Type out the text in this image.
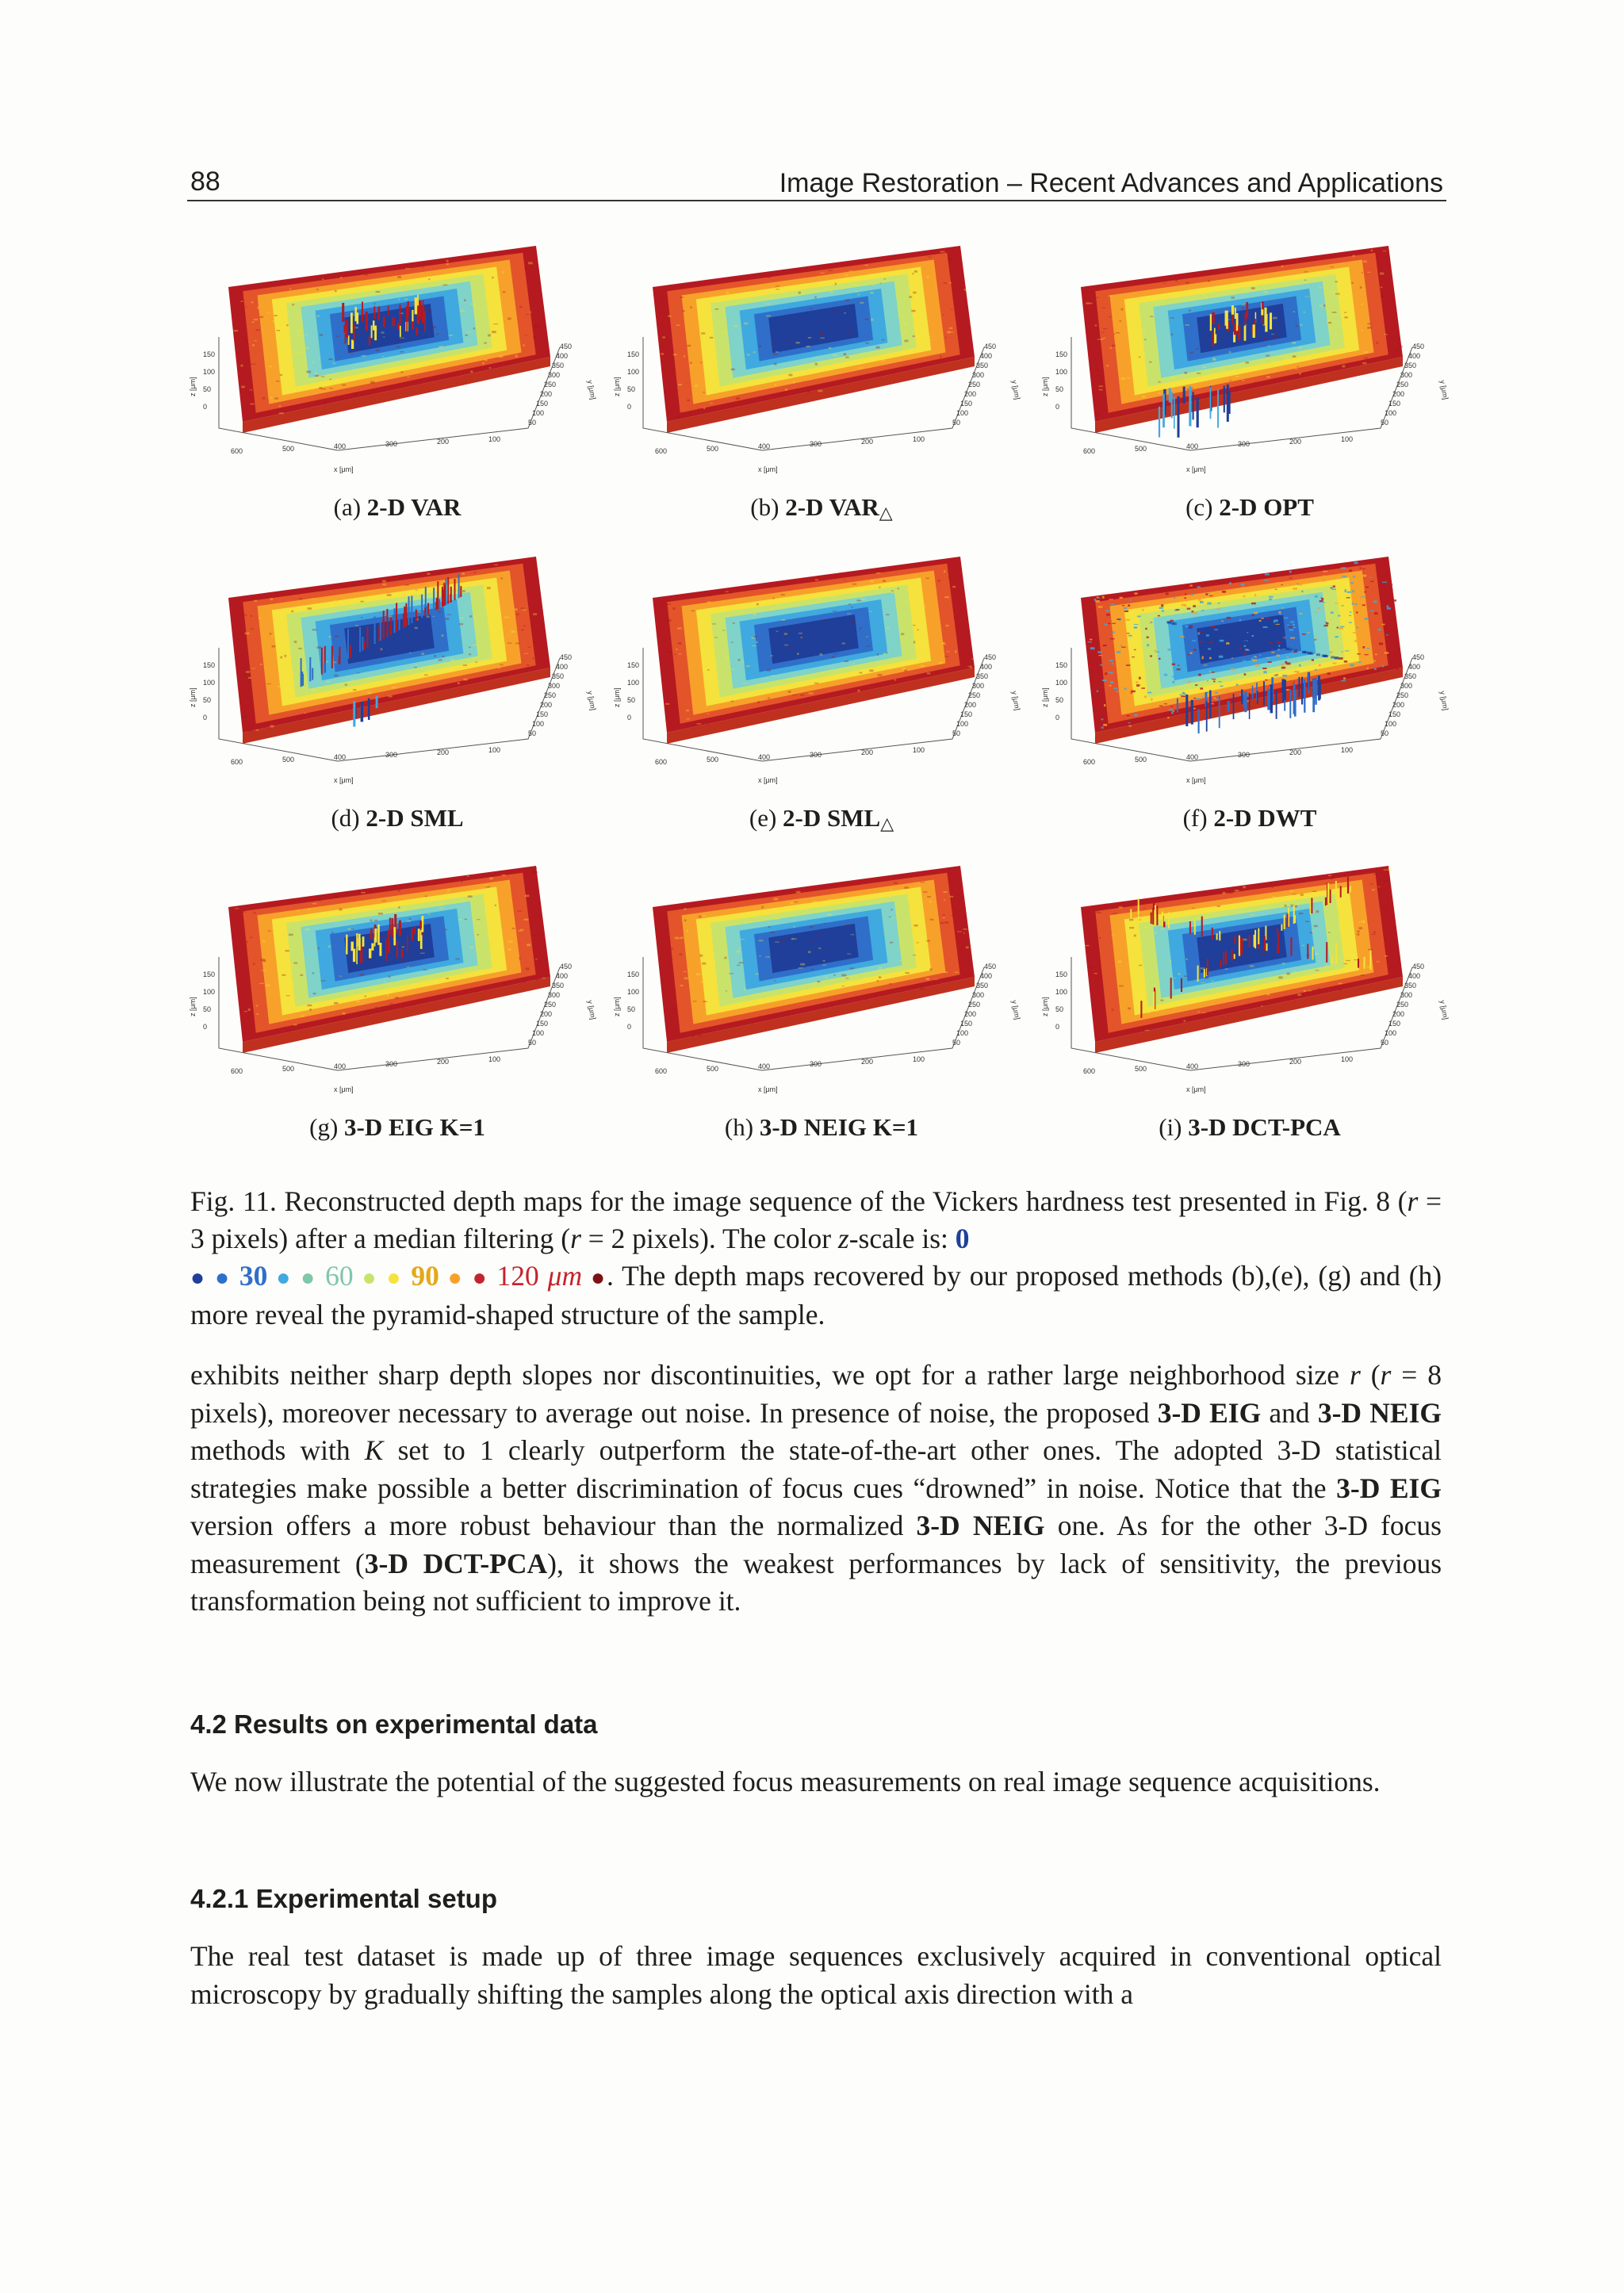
88	Image Restoration – Recent Advances and Applications
150
100
50
0
z [μm]
600	500	400	300	200	100
x [μm]
450
400
350
300
250
200
150
100
50
y [μm]
(a) 2-D VAR
150
100
50
0
z [μm]
600	500	400	300	200	100
x [μm]
450
400
350
300
250
200
150
100
50
y [μm]
(b) 2-D VAR△
150
100
50
0
z [μm]
600	500	400	300	200	100
x [μm]
450
400
350
300
250
200
150
100
50
y [μm]
(c) 2-D OPT
150
100
50
0
z [μm]
600	500	400	300	200	100
x [μm]
450
400
350
300
250
200
150
100
50
y [μm]
(d) 2-D SML
150
100
50
0
z [μm]
600	500	400	300	200	100
x [μm]
450
400
350
300
250
200
150
100
50
y [μm]
(e) 2-D SML△
150
100
50
0
z [μm]
600	500	400	300	200	100
x [μm]
450
400
350
300
250
200
150
100
50
y [μm]
(f) 2-D DWT
150
100
50
0
z [μm]
600	500	400	300	200	100
x [μm]
450
400
350
300
250
200
150
100
50
y [μm]
(g) 3-D EIG K=1
150
100
50
0
z [μm]
600	500	400	300	200	100
x [μm]
450
400
350
300
250
200
150
100
50
y [μm]
(h) 3-D NEIG K=1
150
100
50
0
z [μm]
600	500	400	300	200	100
x [μm]
450
400
350
300
250
200
150
100
50
y [μm]
(i) 3-D DCT-PCA
Fig. 11. Reconstructed depth maps for the image sequence of the Vickers hardness test presented in Fig. 8 (r = 3 pixels) after a median filtering (r = 2 pixels). The color z-scale is: 0
● ● 30 ● ● 60 ● ● 90 ● ● 120 μm ●. The depth maps recovered by our proposed methods (b),(e), (g) and (h) more reveal the pyramid-shaped structure of the sample.

exhibits neither sharp depth slopes nor discontinuities, we opt for a rather large neighborhood size r (r = 8 pixels), moreover necessary to average out noise. In presence of noise, the proposed 3-D EIG and 3-D NEIG methods with K set to 1 clearly outperform the state-of-the-art other ones. The adopted 3-D statistical strategies make possible a better discrimination of focus cues “drowned” in noise. Notice that the 3-D EIG version offers a more robust behaviour than the normalized 3-D NEIG one. As for the other 3-D focus measurement (3-D DCT-PCA), it shows the weakest performances by lack of sensitivity, the previous transformation being not sufficient to improve it.

4.2 Results on experimental data

We now illustrate the potential of the suggested focus measurements on real image sequence acquisitions.

4.2.1 Experimental setup

The real test dataset is made up of three image sequences exclusively acquired in conventional optical microscopy by gradually shifting the samples along the optical axis direction with a
